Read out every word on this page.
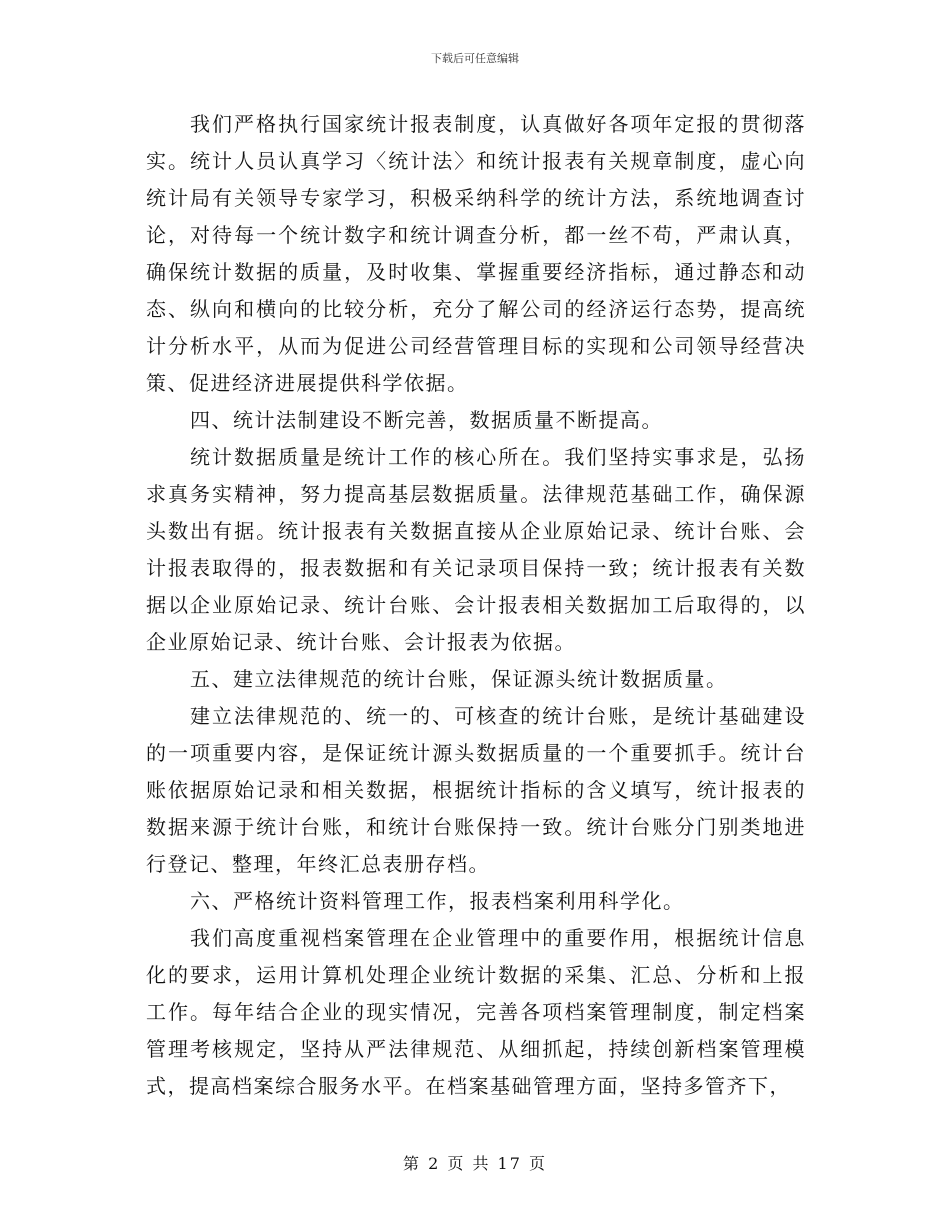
下载后可任意编辑

我们严格执行国家统计报表制度，认真做好各项年定报的贯彻落实。统计人员认真学习〈统计法〉和统计报表有关规章制度，虚心向统计局有关领导专家学习，积极采纳科学的统计方法，系统地调查讨论，对待每一个统计数字和统计调查分析，都一丝不苟，严肃认真，确保统计数据的质量，及时收集、掌握重要经济指标，通过静态和动态、纵向和横向的比较分析，充分了解公司的经济运行态势，提高统计分析水平，从而为促进公司经营管理目标的实现和公司领导经营决策、促进经济进展提供科学依据。

四、统计法制建设不断完善，数据质量不断提高。

统计数据质量是统计工作的核心所在。我们坚持实事求是，弘扬求真务实精神，努力提高基层数据质量。法律规范基础工作，确保源头数出有据。统计报表有关数据直接从企业原始记录、统计台账、会计报表取得的，报表数据和有关记录项目保持一致；统计报表有关数据以企业原始记录、统计台账、会计报表相关数据加工后取得的，以企业原始记录、统计台账、会计报表为依据。

五、建立法律规范的统计台账，保证源头统计数据质量。

建立法律规范的、统一的、可核查的统计台账，是统计基础建设的一项重要内容，是保证统计源头数据质量的一个重要抓手。统计台账依据原始记录和相关数据，根据统计指标的含义填写，统计报表的数据来源于统计台账，和统计台账保持一致。统计台账分门别类地进行登记、整理，年终汇总表册存档。

六、严格统计资料管理工作，报表档案利用科学化。

我们高度重视档案管理在企业管理中的重要作用，根据统计信息化的要求，运用计算机处理企业统计数据的采集、汇总、分析和上报工作。每年结合企业的现实情况，完善各项档案管理制度，制定档案管理考核规定，坚持从严法律规范、从细抓起，持续创新档案管理模式，提高档案综合服务水平。在档案基础管理方面，坚持多管齐下，

第 2 页 共 17 页
